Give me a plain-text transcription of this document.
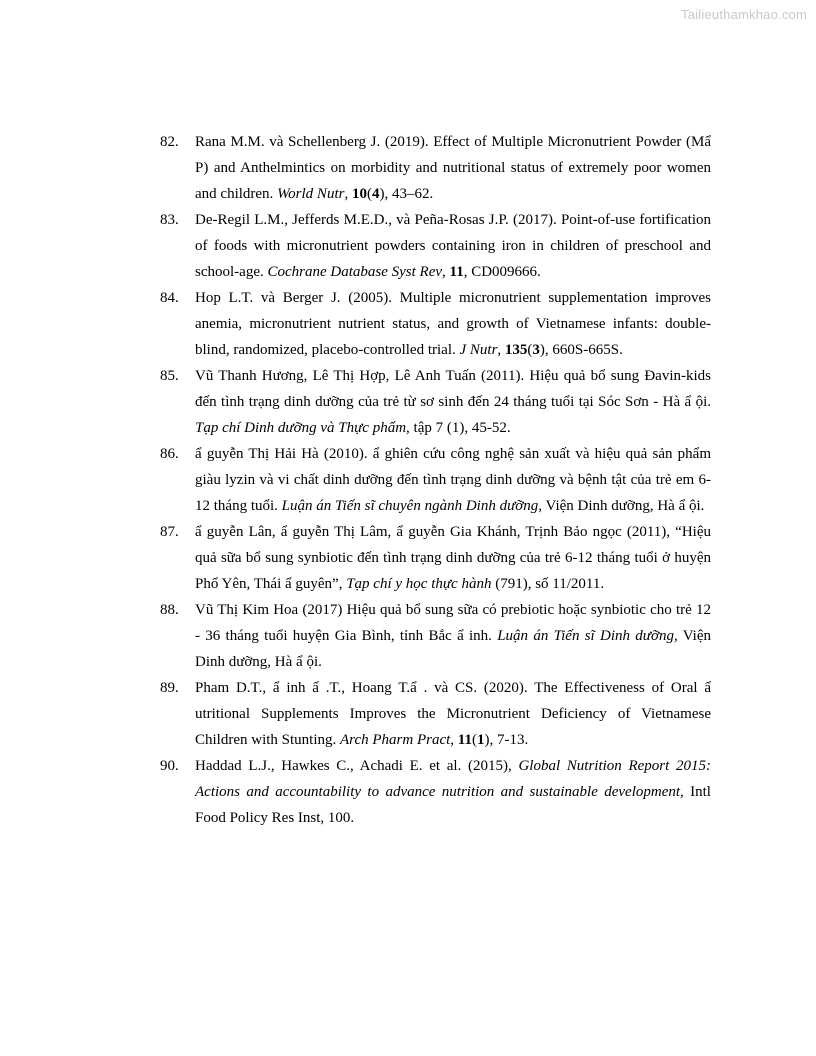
Tailieuthamkhao.com
82.	Rana M.M. và Schellenberg J. (2019). Effect of Multiple Micronutrient Powder (Mẩ P) and Anthelmintics on morbidity and nutritional status of extremely poor women and children. World Nutr, 10(4), 43–62.
83.	De-Regil L.M., Jefferds M.E.D., và Peña-Rosas J.P. (2017). Point-of-use fortification of foods with micronutrient powders containing iron in children of preschool and school-age. Cochrane Database Syst Rev, 11, CD009666.
84.	Hop L.T. và Berger J. (2005). Multiple micronutrient supplementation improves anemia, micronutrient nutrient status, and growth of Vietnamese infants: double-blind, randomized, placebo-controlled trial. J Nutr, 135(3), 660S-665S.
85.	Vũ Thanh Hương, Lê Thị Hợp, Lê Anh Tuấn (2011). Hiệu quả bổ sung Đavin-kids đến tình trạng dinh dưỡng của trẻ từ sơ sinh đến 24 tháng tuổi tại Sóc Sơn - Hà ẩ ội. Tạp chí Dinh dưỡng và Thực phẩm, tập 7 (1), 45-52.
86.	ẩ guyễn Thị Hải Hà (2010). ẩ ghiên cứu công nghệ sản xuất và hiệu quả sản phẩm giàu lyzin và vi chất dinh dưỡng đến tình trạng dinh dưỡng và bệnh tật của trẻ em 6-12 tháng tuổi. Luận án Tiến sĩ chuyên ngành Dinh dưỡng, Viện Dinh dưỡng, Hà ẩ ội.
87.	ẩ guyễn Lân, ẩ guyễn Thị Lâm, ẩ guyễn Gia Khánh, Trịnh Bảo ngọc (2011), “Hiệu quả sữa bổ sung synbiotic đến tình trạng dinh dưỡng của trẻ 6-12 tháng tuổi ở huyện Phổ Yên, Thái ẩ guyên”, Tạp chí y học thực hành (791), số 11/2011.
88.	Vũ Thị Kim Hoa (2017) Hiệu quả bổ sung sữa có prebiotic hoặc synbiotic cho trẻ 12 - 36 tháng tuổi huyện Gia Bình, tỉnh Bắc ẩ inh. Luận án Tiến sĩ Dinh dưỡng, Viện Dinh dưỡng, Hà ẩ ội.
89.	Pham D.T., ẩ inh ẩ .T., Hoang T.ẩ . và CS. (2020). The Effectiveness of Oral ẩ utritional Supplements Improves the Micronutrient Deficiency of Vietnamese Children with Stunting. Arch Pharm Pract, 11(1), 7-13.
90.	Haddad L.J., Hawkes C., Achadi E. et al. (2015), Global Nutrition Report 2015: Actions and accountability to advance nutrition and sustainable development, Intl Food Policy Res Inst, 100.
